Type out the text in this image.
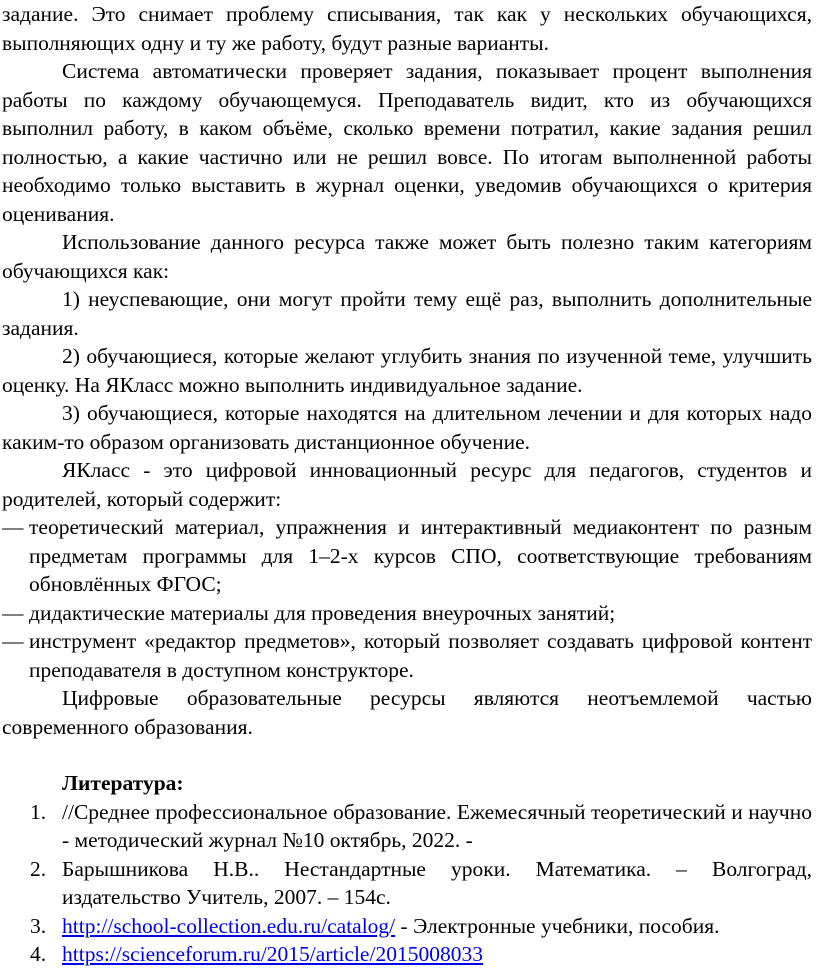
задание. Это снимает проблему списывания, так как у нескольких обучающихся, выполняющих одну и ту же работу, будут разные варианты.

Система автоматически проверяет задания, показывает процент выполнения работы по каждому обучающемуся. Преподаватель видит, кто из обучающихся выполнил работу, в каком объёме, сколько времени потратил, какие задания решил полностью, а какие частично или не решил вовсе. По итогам выполненной работы необходимо только выставить в журнал оценки, уведомив обучающихся о критерия оценивания.

Использование данного ресурса также может быть полезно таким категориям обучающихся как:

1) неуспевающие, они могут пройти тему ещё раз, выполнить дополнительные задания.

2) обучающиеся, которые желают углубить знания по изученной теме, улучшить оценку. На ЯКласс можно выполнить индивидуальное задание.

3) обучающиеся, которые находятся на длительном лечении и для которых надо каким-то образом организовать дистанционное обучение.

ЯКласс - это цифровой инновационный ресурс для педагогов, студентов и родителей, который содержит:

— теоретический материал, упражнения и интерактивный медиаконтент по разным предметам программы для 1–2-х курсов СПО, соответствующие требованиям обновлённых ФГОС;
— дидактические материалы для проведения внеурочных занятий;
— инструмент «редактор предметов», который позволяет создавать цифровой контент преподавателя в доступном конструкторе.

Цифровые образовательные ресурсы являются неотъемлемой частью современного образования.

Литература:

1. //Среднее профессиональное образование. Ежемесячный теоретический и научно - методический журнал №10 октябрь, 2022. -
2. Барышникова Н.В.. Нестандартные уроки. Математика. – Волгоград, издательство Учитель, 2007. – 154с.
3. http://school-collection.edu.ru/catalog/ - Электронные учебники, пособия.
4. https://scienceforum.ru/2015/article/2015008033
